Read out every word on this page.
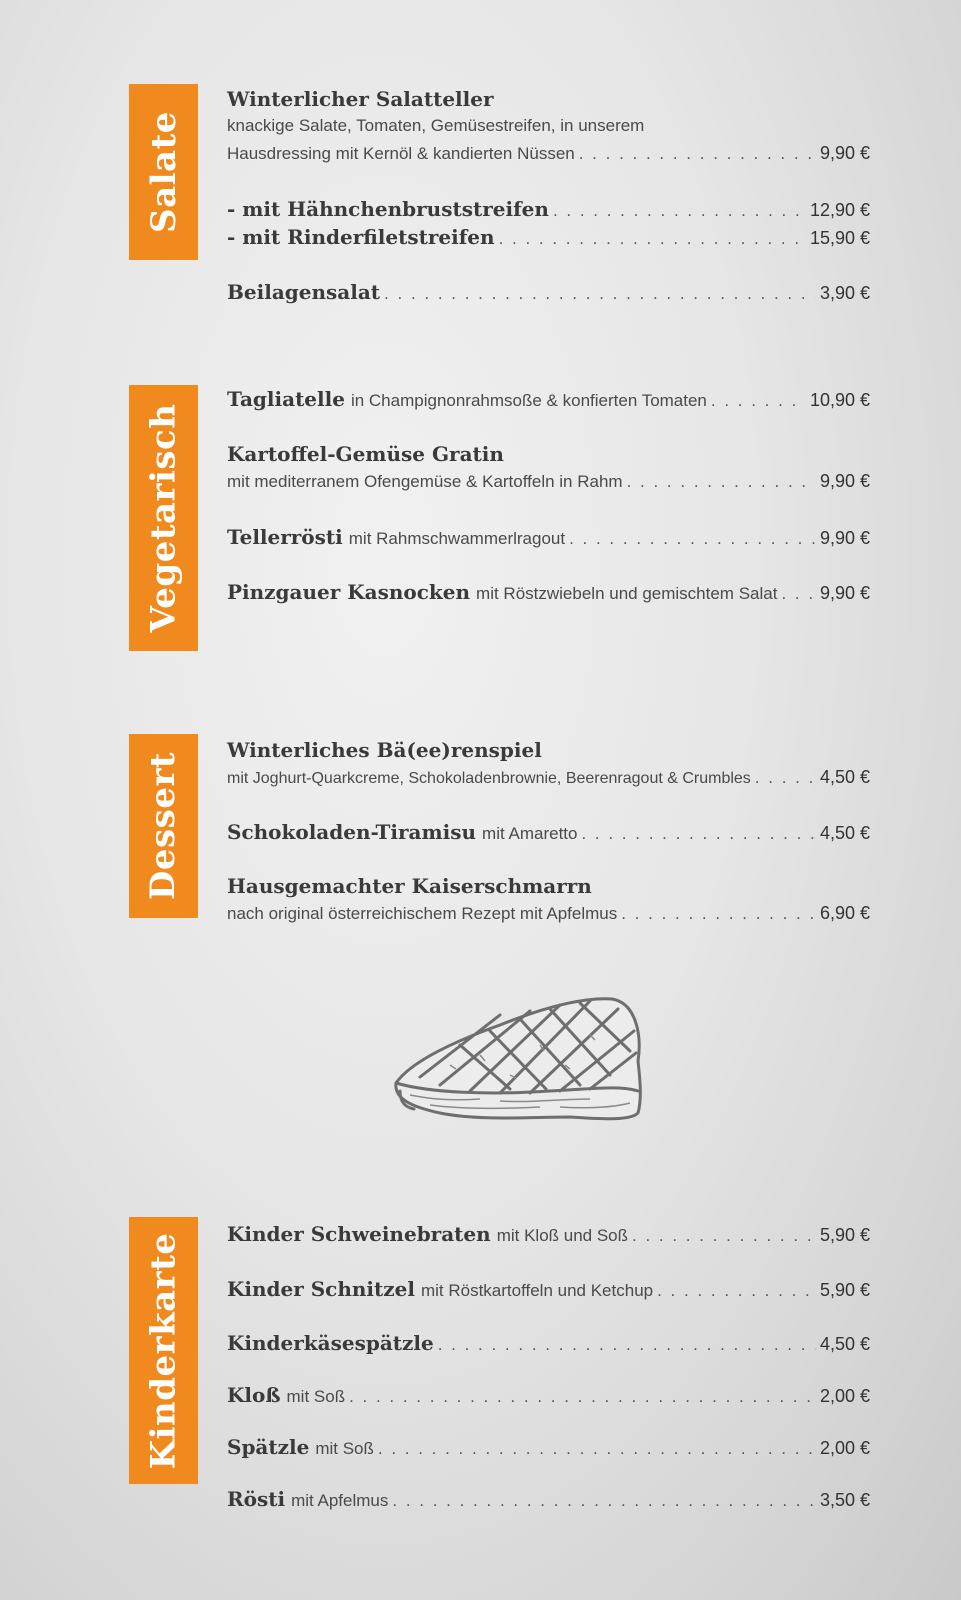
Salate
Vegetarisch
Dessert
Kinderkarte
Winterlicher Salatteller
knackige Salate, Tomaten, Gemüsestreifen, in unserem
Hausdressing mit Kernöl & kandierten Nüssen . . .	9,90 €
- mit Hähnchenbruststreifen . . .	12,90 €
- mit Rinderfiletstreifen . . .	15,90 €
Beilagensalat . . .	3,90 €
Tagliatelle in Champignonrahmsoße & konfierten Tomaten . . .	10,90 €
Kartoffel-Gemüse Gratin
mit mediterranem Ofengemüse & Kartoffeln in Rahm . . .	9,90 €
Tellerrösti mit Rahmschwammerlragout . . .	9,90 €
Pinzgauer Kasnocken mit Röstzwiebeln und gemischtem Salat . . . 9,90 €
Winterliches Bä(ee)renspiel
mit Joghurt-Quarkcreme, Schokoladenbrownie, Beerenragout & Crumbles . . .	4,50 €
Schokoladen-Tiramisu mit Amaretto . . .	4,50 €
Hausgemachter Kaiserschmarrn
nach original österreichischem Rezept mit Apfelmus . . .	6,90 €
Kinder Schweinebraten mit Kloß und Soß . . .	5,90 €
Kinder Schnitzel mit Röstkartoffeln und Ketchup . . .	5,90 €
Kinderkäsespätzle . . .	4,50 €
Kloß mit Soß . . .	2,00 €
Spätzle mit Soß . . .	2,00 €
Rösti mit Apfelmus . . .	3,50 €
